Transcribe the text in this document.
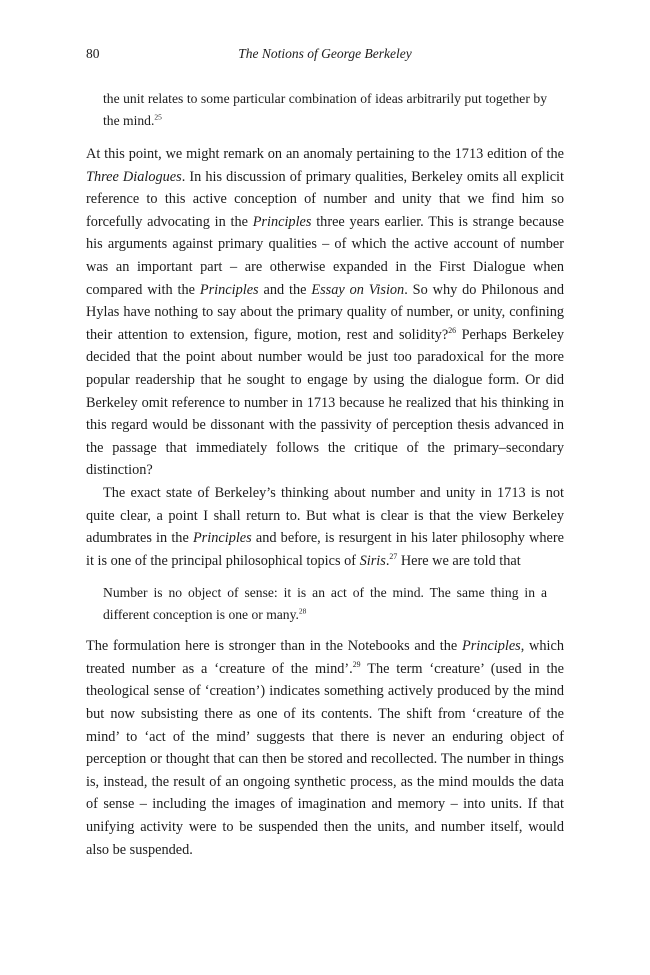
80	The Notions of George Berkeley

the unit relates to some particular combination of ideas arbitrarily put together by the mind.$^{25}$

At this point, we might remark on an anomaly pertaining to the 1713 edition of the Three Dialogues. In his discussion of primary qualities, Berkeley omits all explicit reference to this active conception of number and unity that we find him so forcefully advocating in the Principles three years earlier. This is strange because his arguments against primary qualities – of which the active account of number was an important part – are otherwise expanded in the First Dialogue when compared with the Principles and the Essay on Vision. So why do Philonous and Hylas have nothing to say about the primary quality of number, or unity, confining their attention to extension, figure, motion, rest and solidity?$^{26}$ Perhaps Berkeley decided that the point about number would be just too paradoxical for the more popular readership that he sought to engage by using the dialogue form. Or did Berkeley omit reference to number in 1713 because he realized that his thinking in this regard would be dissonant with the passivity of perception thesis advanced in the passage that immediately follows the critique of the primary–secondary distinction?

The exact state of Berkeley’s thinking about number and unity in 1713 is not quite clear, a point I shall return to. But what is clear is that the view Berkeley adumbrates in the Principles and before, is resurgent in his later philosophy where it is one of the principal philosophical topics of Siris.$^{27}$ Here we are told that

Number is no object of sense: it is an act of the mind. The same thing in a different conception is one or many.$^{28}$

The formulation here is stronger than in the Notebooks and the Principles, which treated number as a ‘creature of the mind’.$^{29}$ The term ‘creature’ (used in the theological sense of ‘creation’) indicates something actively produced by the mind but now subsisting there as one of its contents. The shift from ‘creature of the mind’ to ‘act of the mind’ suggests that there is never an enduring object of perception or thought that can then be stored and recollected. The number in things is, instead, the result of an ongoing synthetic process, as the mind moulds the data of sense – including the images of imagination and memory – into units. If that unifying activity were to be suspended then the units, and number itself, would also be suspended.
